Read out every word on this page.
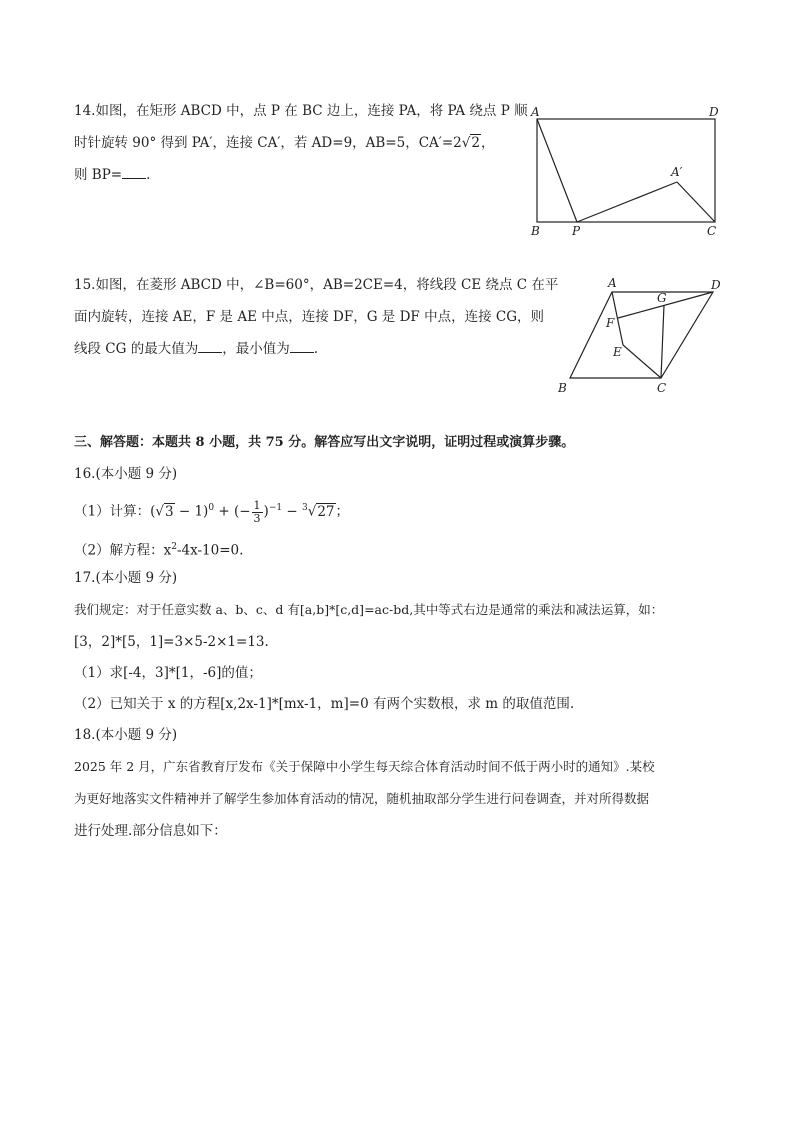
14.如图，在矩形 ABCD 中，点 P 在 BC 边上，连接 PA，将 PA 绕点 P 顺
时针旋转 90° 得到 PA′，连接 CA′，若 AD=9，AB=5，CA′=2√2，
则 BP= .
A	D
B	P	C
A′
15.如图，在菱形 ABCD 中，∠B=60°，AB=2CE=4，将线段 CE 绕点 C 在平
面内旋转，连接 AE，F 是 AE 中点，连接 DF，G 是 DF 中点，连接 CG，则
线段 CG 的最大值为 ，最小值为 .
A	D
G
F
E
B	C
三、解答题：本题共 8 小题，共 75 分。解答应写出文字说明，证明过程或演算步骤。
16.(本小题 9 分)
（1）计算：$(√3 - 1)^0$ + (− $\frac{1}{3} )^{-1} - ^3√27$；
（2）解方程：$x^2-4x-10=0$.
17.(本小题 9 分)
我们规定：对于任意实数 a、b、c、d 有[a,b]*[c,d]=ac-bd,其中等式右边是通常的乘法和减法运算，如：
[3，2]*[5，1]=3×5-2×1=13.
（1）求[-4，3]*[1，-6]的值；
（2）已知关于 x 的方程[x,2x-1]*[mx-1，m]=0 有两个实数根，求 m 的取值范围.
18.(本小题 9 分)
2025 年 2 月，广东省教育厅发布《关于保障中小学生每天综合体育活动时间不低于两小时的通知》.某校
为更好地落实文件精神并了解学生参加体育活动的情况，随机抽取部分学生进行问卷调查，并对所得数据
进行处理.部分信息如下：
